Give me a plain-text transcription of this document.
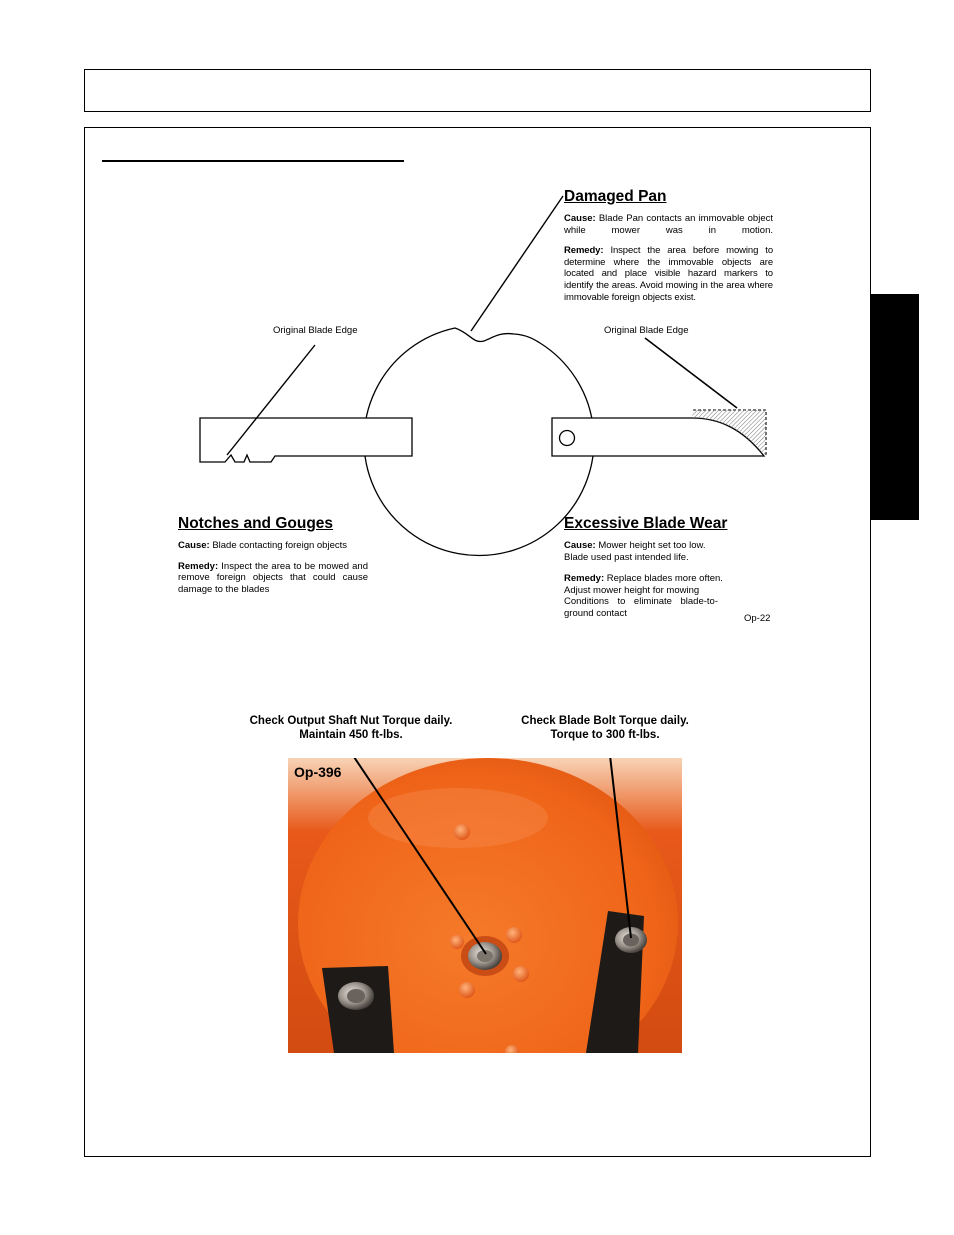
Damaged Pan

Cause: Blade Pan contacts an immovable object while mower was in motion.

Remedy: Inspect the area before mowing to determine where the immovable objects are located and place visible hazard markers to identify the areas. Avoid mowing in the area where immovable foreign objects exist.

Original Blade Edge	Original Blade Edge
Notches and Gouges

Cause: Blade contacting foreign objects

Remedy: Inspect the area to be mowed and remove foreign objects that could cause damage to the blades

Excessive Blade Wear
Cause: Mower height set too low.
Blade used past intended life.
Remedy: Replace blades more often.
Adjust mower height for mowing
Conditions to eliminate blade-to-
ground contact	Op-22
Check Output Shaft Nut Torque daily.
Maintain 450 ft-lbs.
Check Blade Bolt Torque daily.
Torque to 300 ft-lbs.
Op-396
